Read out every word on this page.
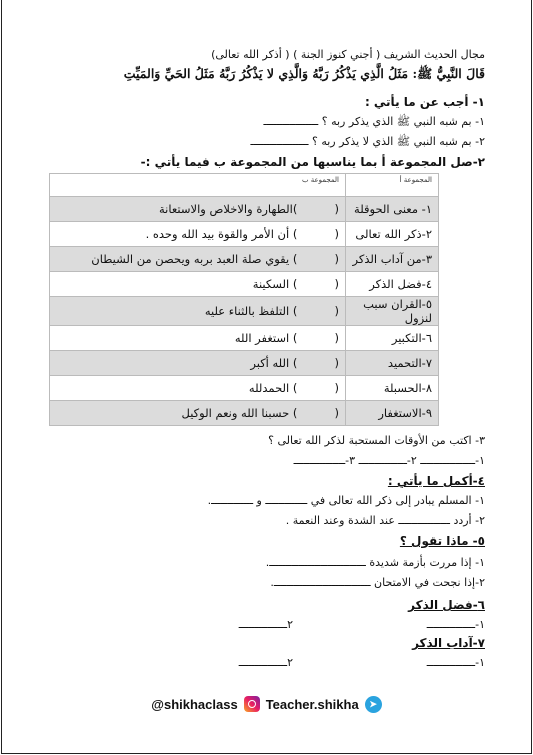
مجال الحديث الشريف ( أجني كنوز الجنة ) ( أذكر الله تعالى)
قَالَ النَّبِيُّ ﷺ: مَثَلُ الَّذِي يَذْكُرُ رَبَّهُ وَالَّذِي لا يَذْكُرُ رَبَّهُ مَثَلُ الحَيِّ وَالمَيِّتِ
١- أجب عن ما يأتي :
١- بم شبه النبي ﷺ الذي يذكر ربه ؟ ـــــــــــــــــ
٢- بم شبه النبي ﷺ الذي لا يذكر ربه ؟ ــــــــــــــــــ
٢-صل المجموعة أ بما يناسبها من المجموعة ب فيما يأتي :-
المجموعة أ	المجموعة ب
١- معنى الحوقلة	( )الطهارة والاخلاص والاستعانة
٢-ذكر الله تعالى	( ) أن الأمر والقوة بيد الله وحده .
٣-من آداب الذكر	( ) يقوي صلة العبد بربه ويحصن من الشيطان
٤-فضل الذكر	( ) السكينة
٥-القران سبب لنزول	( ) التلفظ بالثناء عليه
٦-التكبير	( ) استغفر الله
٧-التحميد	( ) الله أكبر
٨-الحسبلة	( ) الحمدلله
٩-الاستغفار	( ) حسبنا الله ونعم الوكيل
٣- اكتب من الأوقات المستحبة لذكر الله تعالى ؟
١-ـــــــــــــــــ ٢-ـــــــــــــــ ٣-ــــــــــــــــ
٤-أكمل ما يأتي :
١- المسلم يبادر إلى ذكر الله تعالى في ـــــــــــــ و ـــــــــــــ.
٢- أردد ــــــــــــــــ عند الشدة وعند النعمة .
٥- ماذا تقول ؟
١- إذا مررت بأزمة شديدة ــــــــــــــــــــــــــــــ.
٢-إذا نجحت في الامتحان ــــــــــــــــــــــــــــــ.
٦-فضل الذكر
١-ـــــــــــــــ
٢ـــــــــــــــ
٧-آداب الذكر
١-ـــــــــــــــ
٢ـــــــــــــــ
@shikhaclass Teacher.shikha	➤
